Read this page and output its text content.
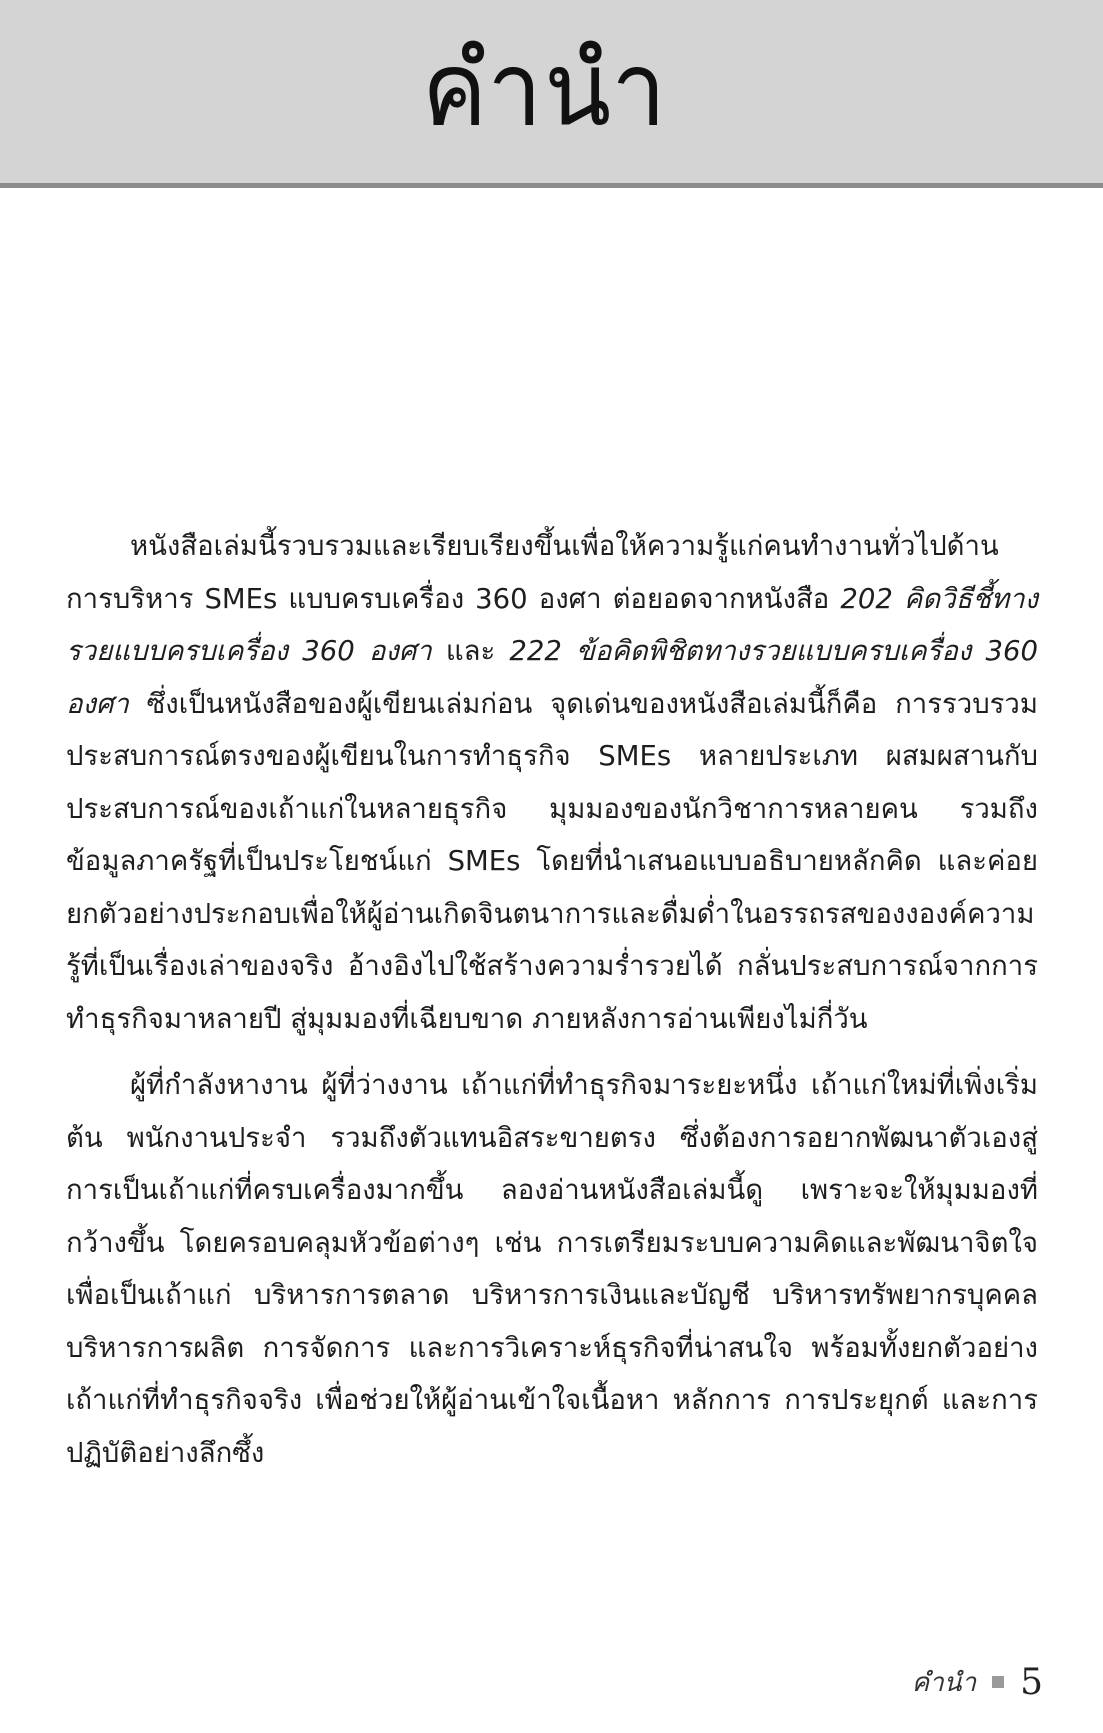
คำนำ

หนังสือเล่มนี้รวบรวมและเรียบเรียงขึ้นเพื่อให้ความรู้แก่คนทำงานทั่วไปด้านการบริหาร SMEs แบบครบเครื่อง 360 องศา ต่อยอดจากหนังสือ 202 คิดวิธีชี้ทางรวยแบบครบเครื่อง 360 องศา และ 222 ข้อคิดพิชิตทางรวยแบบครบเครื่อง 360 องศา ซึ่งเป็นหนังสือของผู้เขียนเล่มก่อน จุดเด่นของหนังสือเล่มนี้ก็คือ การรวบรวมประสบการณ์ตรงของผู้เขียนในการทำธุรกิจ SMEs หลายประเภท ผสมผสานกับประสบการณ์ของเถ้าแก่ในหลายธุรกิจ มุมมองของนักวิชาการหลายคน รวมถึงข้อมูลภาครัฐที่เป็นประโยชน์แก่ SMEs โดยที่นำเสนอแบบอธิบายหลักคิด และค่อยยกตัวอย่างประกอบเพื่อให้ผู้อ่านเกิดจินตนาการและดื่มด่ำในอรรถรสของงองค์ความรู้ที่เป็นเรื่องเล่าของจริง อ้างอิงไปใช้สร้างความร่ำรวยได้ กลั่นประสบการณ์จากการทำธุรกิจมาหลายปี สู่มุมมองที่เฉียบขาด ภายหลังการอ่านเพียงไม่กี่วัน

ผู้ที่กำลังหางาน ผู้ที่ว่างงาน เถ้าแก่ที่ทำธุรกิจมาระยะหนึ่ง เถ้าแก่ใหม่ที่เพิ่งเริ่มต้น พนักงานประจำ รวมถึงตัวแทนอิสระขายตรง ซึ่งต้องการอยากพัฒนาตัวเองสู่การเป็นเถ้าแก่ที่ครบเครื่องมากขึ้น ลองอ่านหนังสือเล่มนี้ดู เพราะจะให้มุมมองที่กว้างขึ้น โดยครอบคลุมหัวข้อต่างๆ เช่น การเตรียมระบบความคิดและพัฒนาจิตใจเพื่อเป็นเถ้าแก่ บริหารการตลาด บริหารการเงินและบัญชี บริหารทรัพยากรบุคคล บริหารการผลิต การจัดการ และการวิเคราะห์ธุรกิจที่น่าสนใจ พร้อมทั้งยกตัวอย่างเถ้าแก่ที่ทำธุรกิจจริง เพื่อช่วยให้ผู้อ่านเข้าใจเนื้อหา หลักการ การประยุกต์ และการปฏิบัติอย่างลึกซึ้ง

คำนำ 5
